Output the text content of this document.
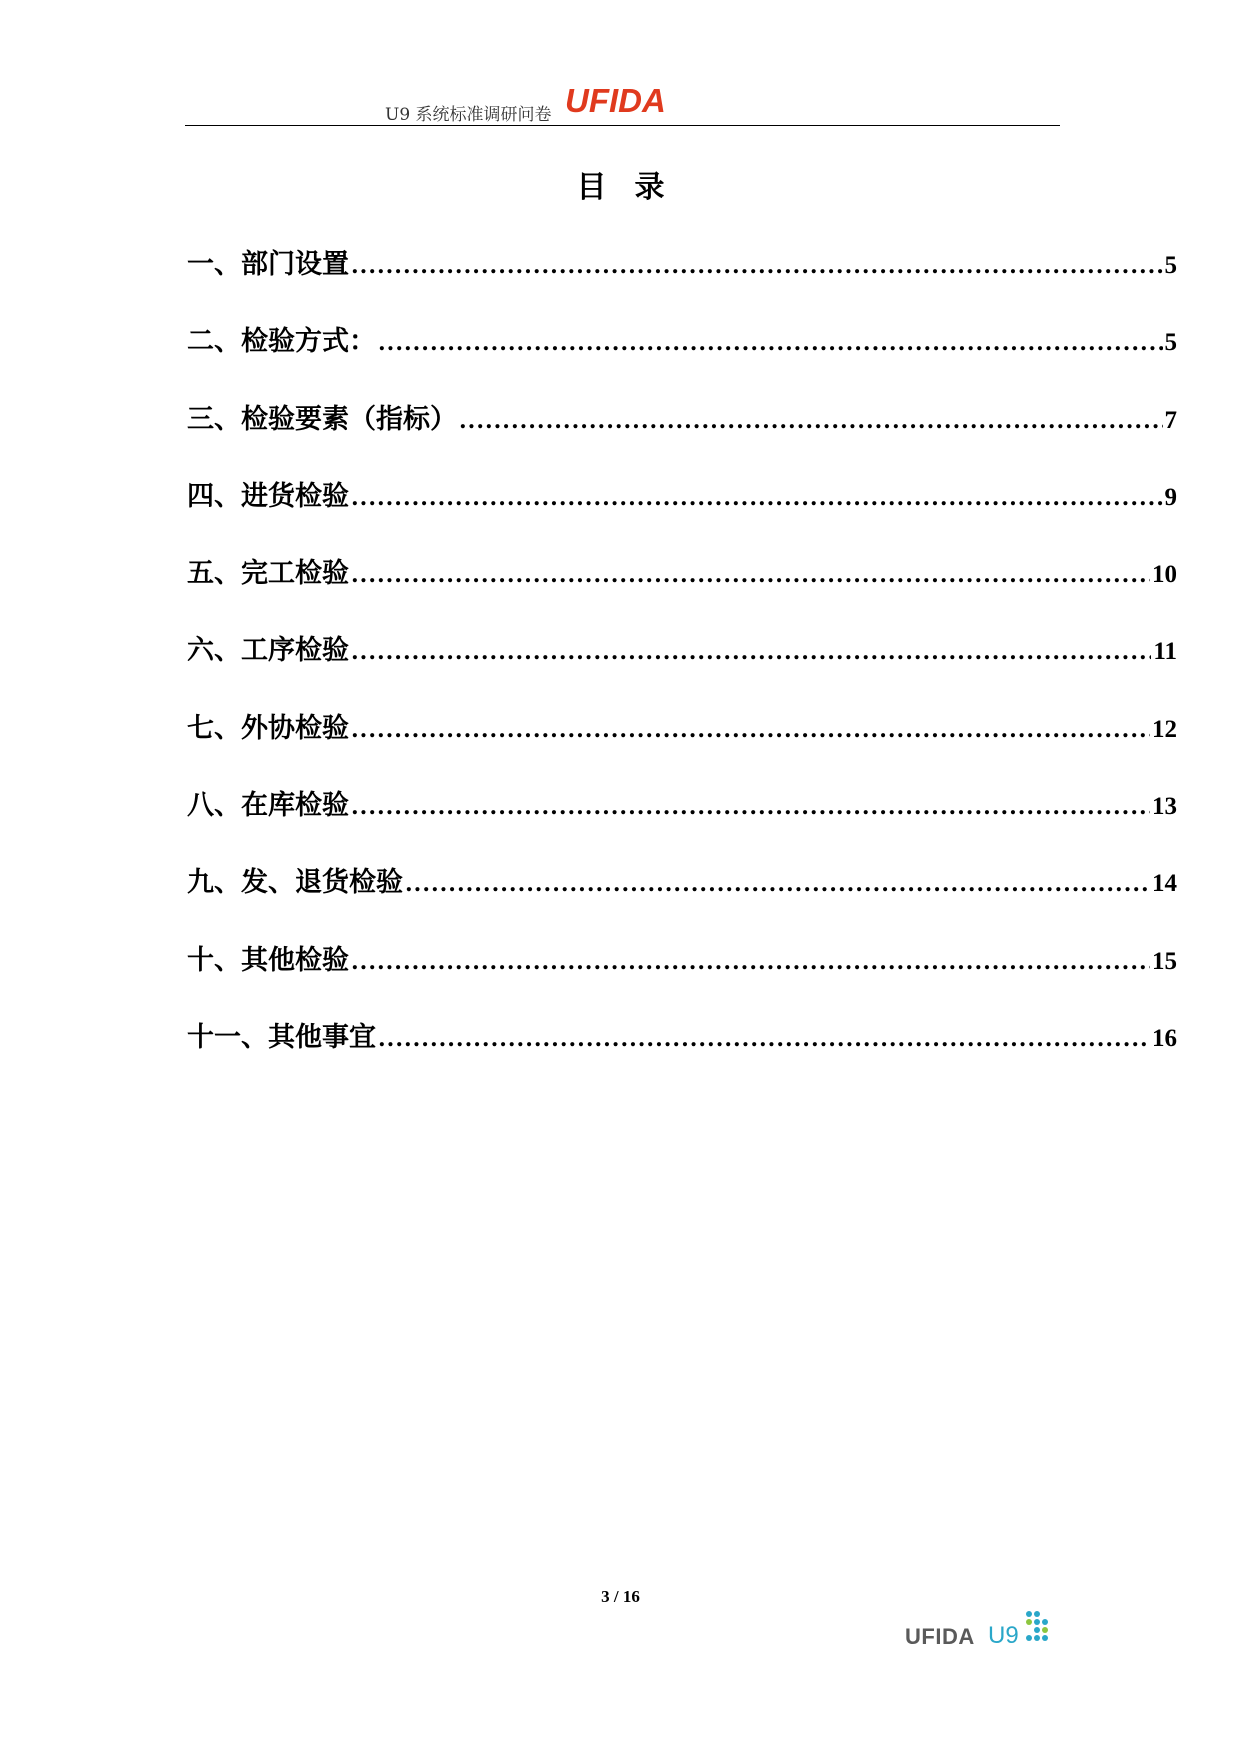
U9 系统标准调研问卷 UFIDA
目录
一、部门设置 .....	5
二、检验方式： .....	5
三、检验要素（指标） .....	7
四、进货检验 .....	9
五、完工检验 .....	10
六、工序检验 .....	11
七、外协检验 .....	12
八、在库检验 .....	13
九、发、退货检验 .....	14
十、其他检验 .....	15
十一、其他事宜 .....	16
3 / 16
UFIDA U9
